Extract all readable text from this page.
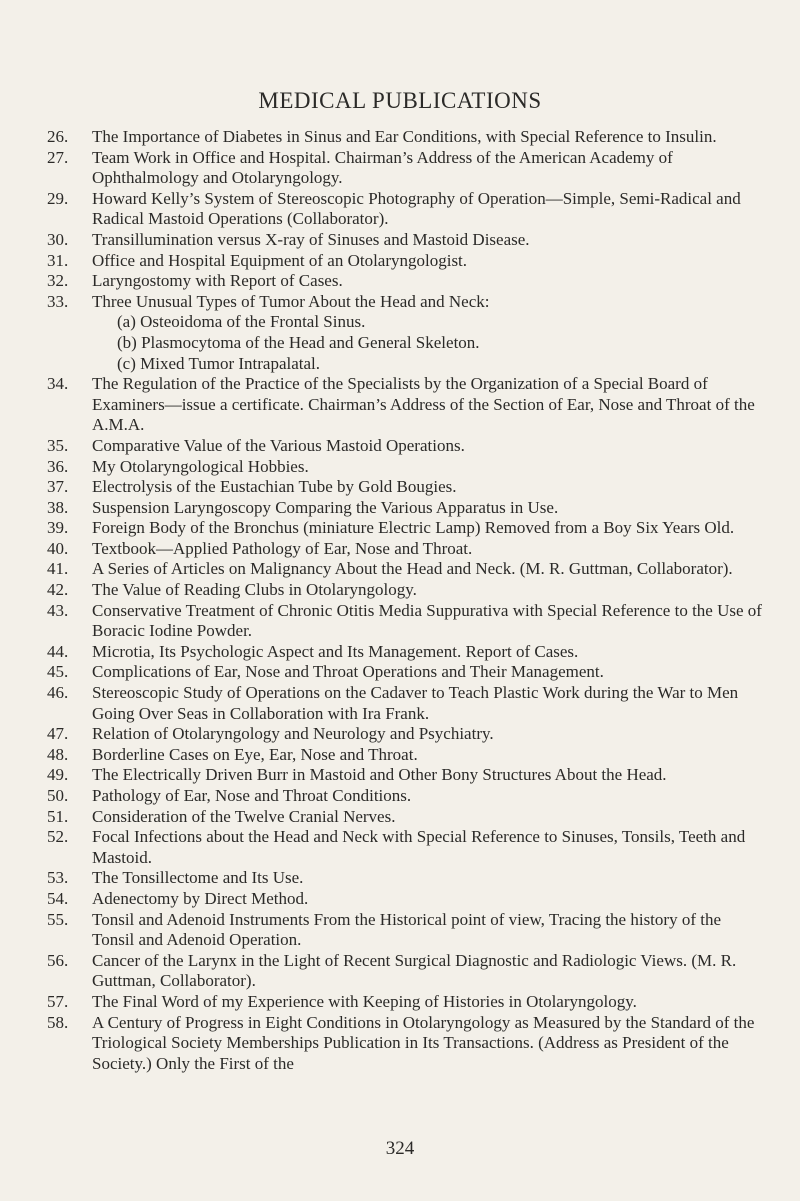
MEDICAL PUBLICATIONS
26.	The Importance of Diabetes in Sinus and Ear Conditions, with Special Reference to Insulin.
27.	Team Work in Office and Hospital. Chairman’s Address of the American Academy of Ophthalmology and Otolaryngology.
29.	Howard Kelly’s System of Stereoscopic Photography of Operation—Simple, Semi-Radical and Radical Mastoid Operations (Collaborator).
30.	Transillumination versus X-ray of Sinuses and Mastoid Disease.
31.	Office and Hospital Equipment of an Otolaryngologist.
32.	Laryngostomy with Report of Cases.
33.	Three Unusual Types of Tumor About the Head and Neck:
(a) Osteoidoma of the Frontal Sinus.
(b) Plasmocytoma of the Head and General Skeleton.
(c) Mixed Tumor Intrapalatal.
34.	The Regulation of the Practice of the Specialists by the Organization of a Special Board of Examiners—issue a certificate. Chairman’s Address of the Section of Ear, Nose and Throat of the A.M.A.
35.	Comparative Value of the Various Mastoid Operations.
36.	My Otolaryngological Hobbies.
37.	Electrolysis of the Eustachian Tube by Gold Bougies.
38.	Suspension Laryngoscopy Comparing the Various Apparatus in Use.
39.	Foreign Body of the Bronchus (miniature Electric Lamp) Removed from a Boy Six Years Old.
40.	Textbook—Applied Pathology of Ear, Nose and Throat.
41.	A Series of Articles on Malignancy About the Head and Neck. (M. R. Guttman, Collaborator).
42.	The Value of Reading Clubs in Otolaryngology.
43.	Conservative Treatment of Chronic Otitis Media Suppurativa with Special Reference to the Use of Boracic Iodine Powder.
44.	Microtia, Its Psychologic Aspect and Its Management. Report of Cases.
45.	Complications of Ear, Nose and Throat Operations and Their Management.
46.	Stereoscopic Study of Operations on the Cadaver to Teach Plastic Work during the War to Men Going Over Seas in Collaboration with Ira Frank.
47.	Relation of Otolaryngology and Neurology and Psychiatry.
48.	Borderline Cases on Eye, Ear, Nose and Throat.
49.	The Electrically Driven Burr in Mastoid and Other Bony Structures About the Head.
50.	Pathology of Ear, Nose and Throat Conditions.
51.	Consideration of the Twelve Cranial Nerves.
52.	Focal Infections about the Head and Neck with Special Reference to Sinuses, Tonsils, Teeth and Mastoid.
53.	The Tonsillectome and Its Use.
54.	Adenectomy by Direct Method.
55.	Tonsil and Adenoid Instruments From the Historical point of view, Tracing the history of the Tonsil and Adenoid Operation.
56.	Cancer of the Larynx in the Light of Recent Surgical Diagnostic and Radiologic Views. (M. R. Guttman, Collaborator).
57.	The Final Word of my Experience with Keeping of Histories in Otolaryngology.
58.	A Century of Progress in Eight Conditions in Otolaryngology as Measured by the Standard of the Triological Society Memberships Publication in Its Transactions. (Address as President of the Society.) Only the First of the
324
